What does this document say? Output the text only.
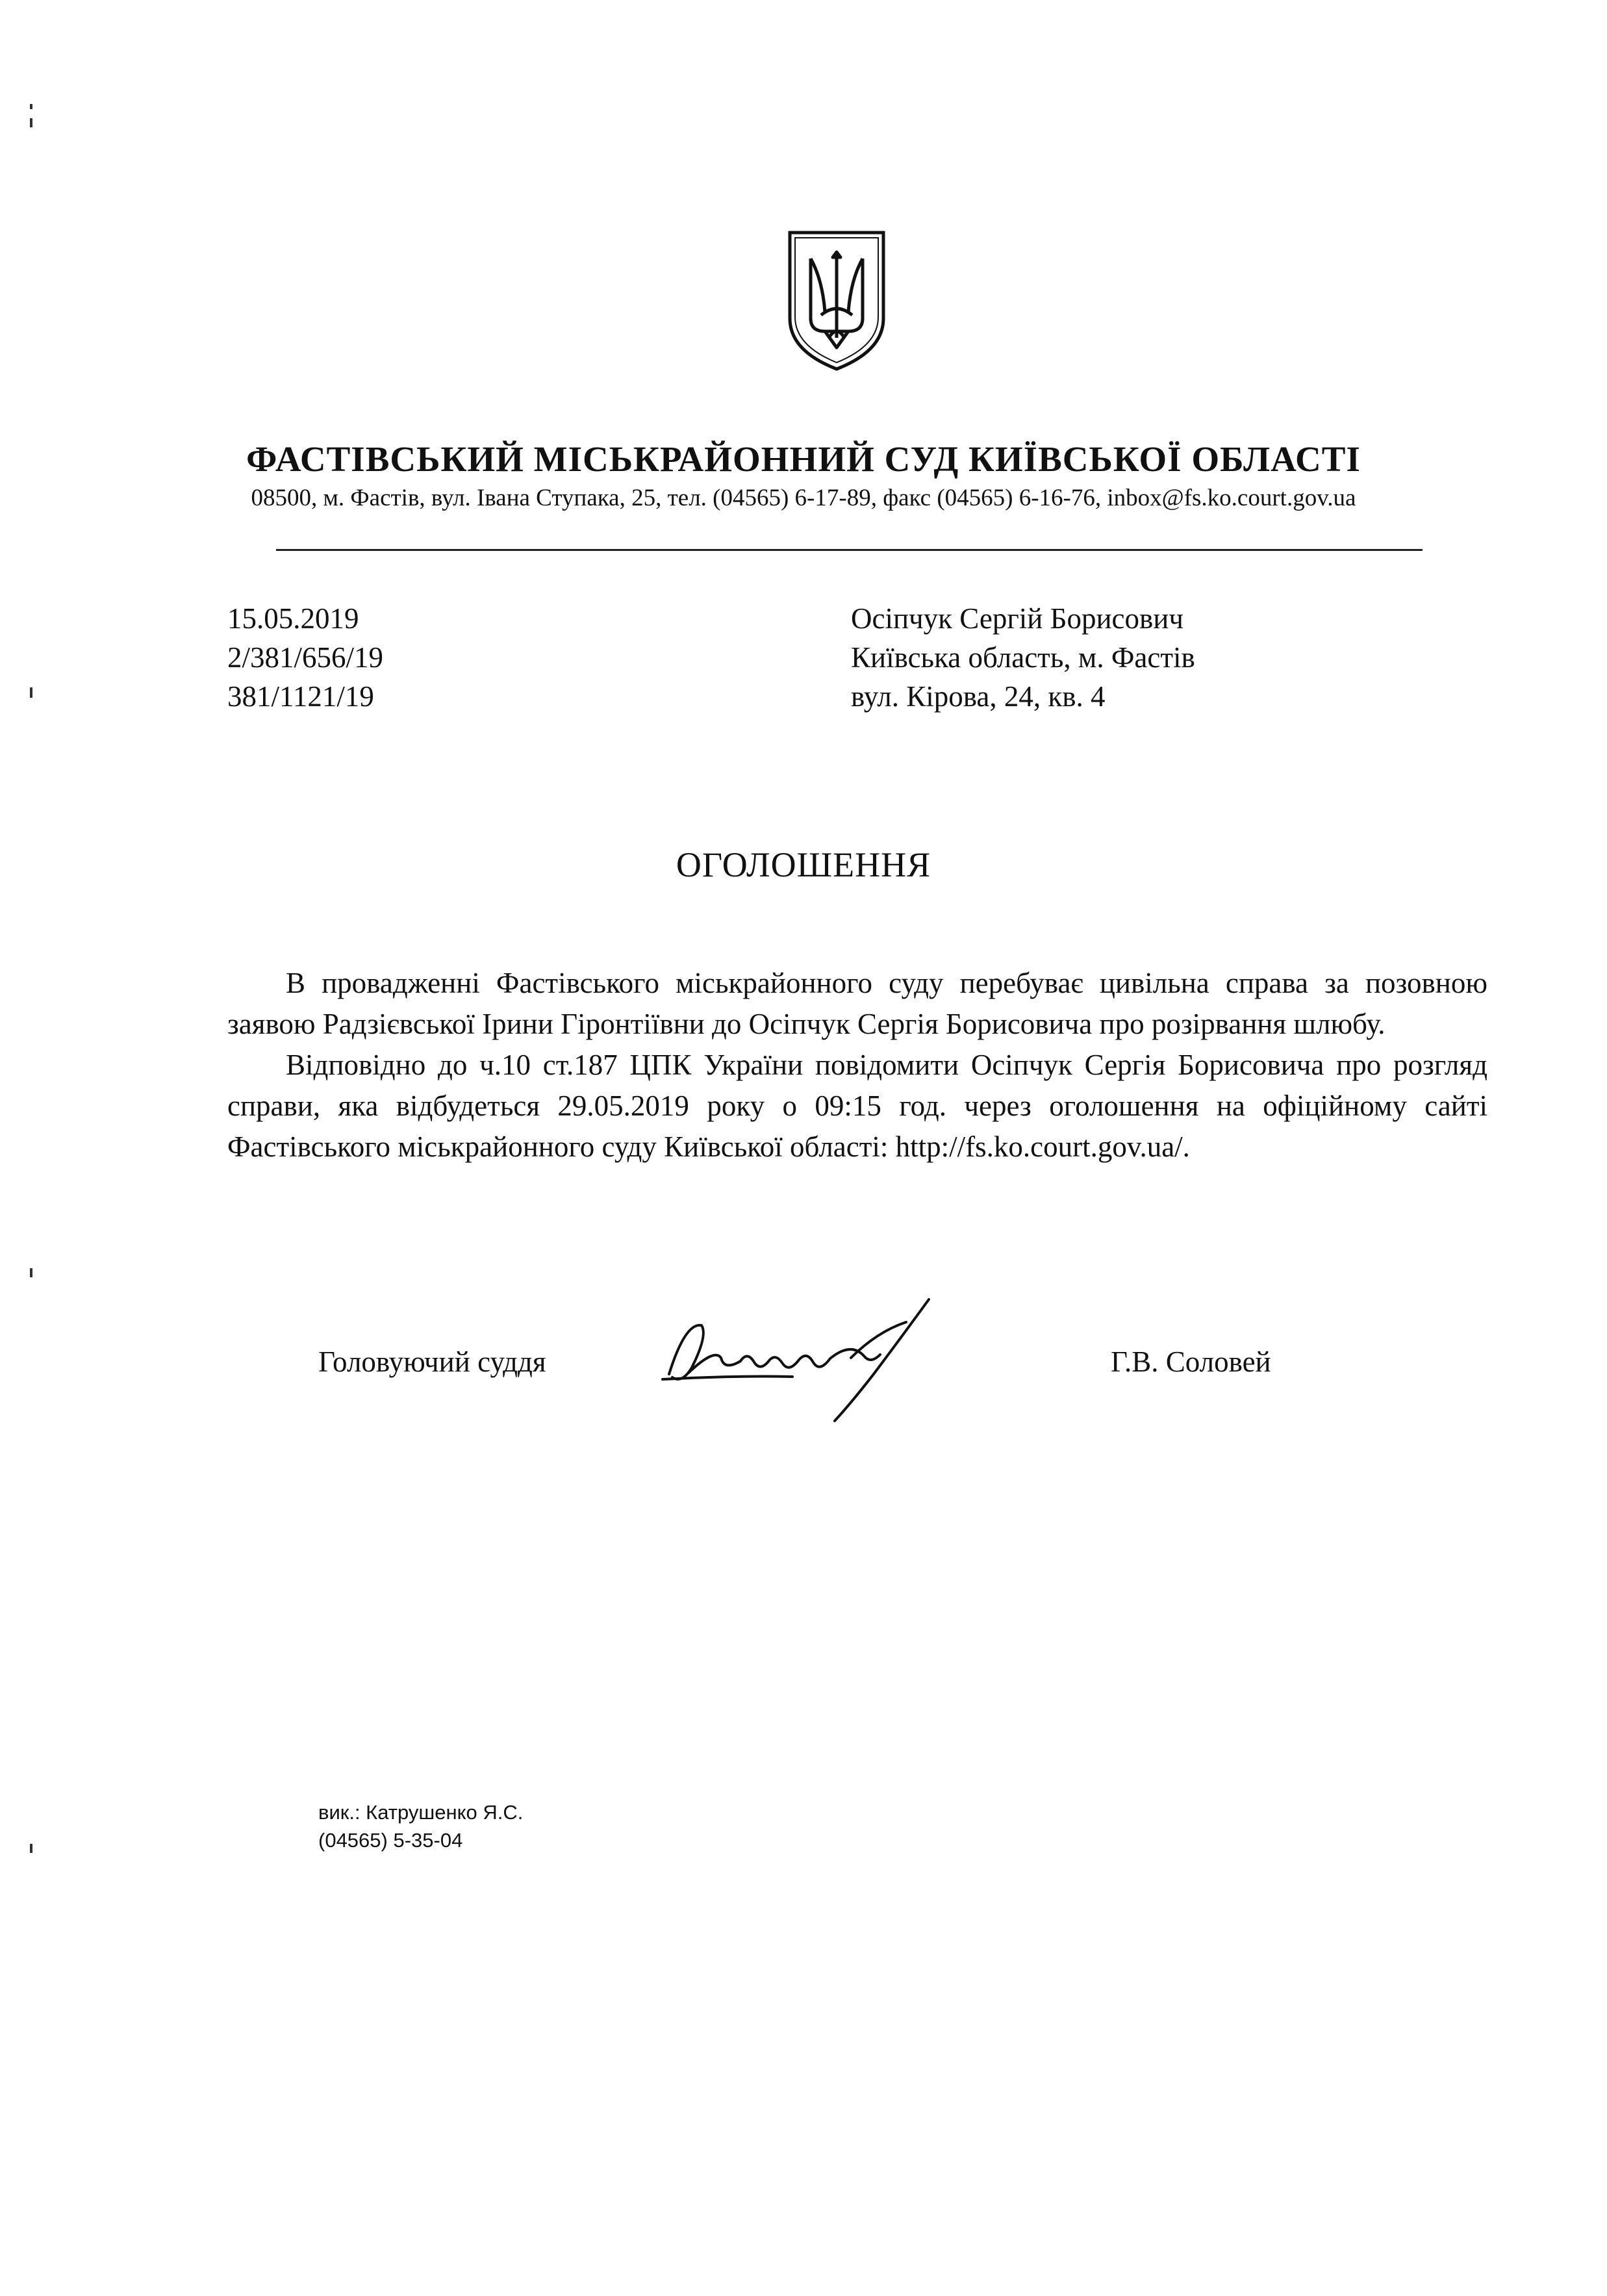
ФАСТІВСЬКИЙ МІСЬКРАЙОННИЙ СУД КИЇВСЬКОЇ ОБЛАСТІ
08500, м. Фастів, вул. Івана Ступака, 25, тел. (04565) 6-17-89, факс (04565) 6-16-76, inbox@fs.ko.court.gov.ua
15.05.2019
2/381/656/19
381/1121/19
Осіпчук Сергій Борисович
Київська область, м. Фастів
вул. Кірова, 24, кв. 4
ОГОЛОШЕННЯ

В провадженні Фастівського міськрайонного суду перебуває цивільна справа за позовною заявою Радзієвської Ірини Гіронтіївни до Осіпчук Сергія Борисовича про розірвання шлюбу.

Відповідно до ч.10 ст.187 ЦПК України повідомити Осіпчук Сергія Борисовича про розгляд справи, яка відбудеться 29.05.2019 року о 09:15 год. через оголошення на офіційному сайті Фастівського міськрайонного суду Київської області: http://fs.ko.court.gov.ua/.

Головуючий суддя	Г.В. Соловей
вик.: Катрушенко Я.С.
(04565) 5-35-04
